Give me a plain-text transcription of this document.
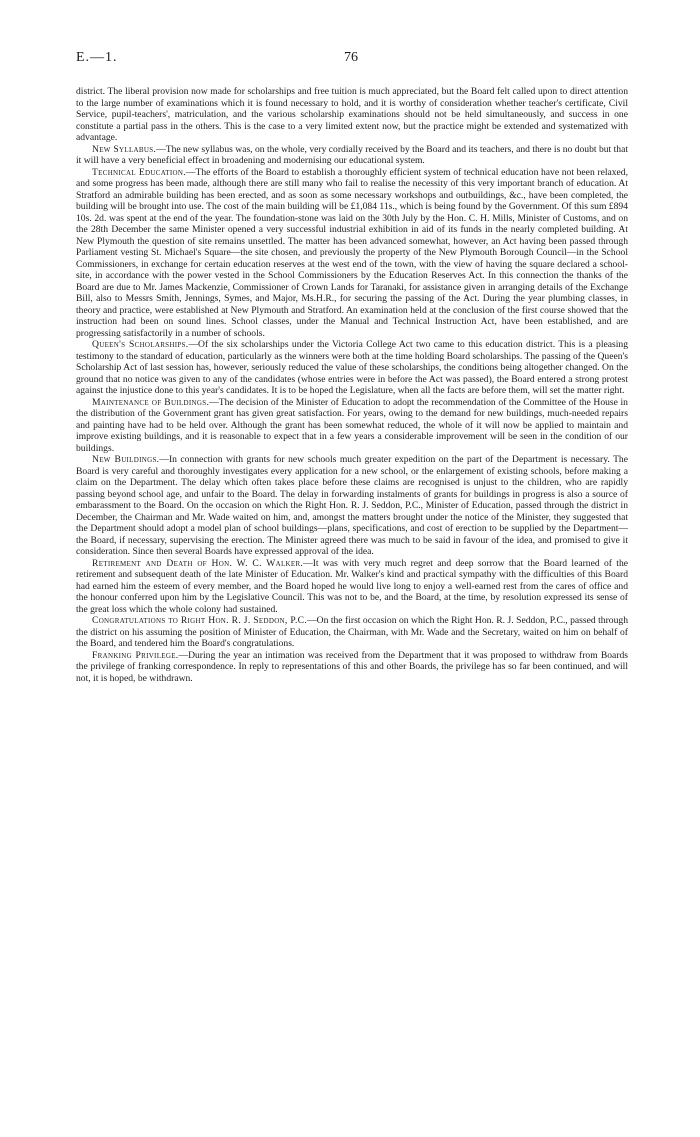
E.—1.	76

district. The liberal provision now made for scholarships and free tuition is much appreciated, but the Board felt called upon to direct attention to the large number of examinations which it is found necessary to hold, and it is worthy of consideration whether teacher's certificate, Civil Service, pupil-teachers', matriculation, and the various scholarship examinations should not be held simultaneously, and success in one constitute a partial pass in the others. This is the case to a very limited extent now, but the practice might be extended and systematized with advantage.

New Syllabus.—The new syllabus was, on the whole, very cordially received by the Board and its teachers, and there is no doubt but that it will have a very beneficial effect in broadening and modernising our educational system.

Technical Education.—The efforts of the Board to establish a thoroughly efficient system of technical education have not been relaxed, and some progress has been made, although there are still many who fail to realise the necessity of this very important branch of education. At Stratford an admirable building has been erected, and as soon as some necessary workshops and outbuildings, &c., have been completed, the building will be brought into use. The cost of the main building will be £1,084 11s., which is being found by the Government. Of this sum £894 10s. 2d. was spent at the end of the year. The foundation-stone was laid on the 30th July by the Hon. C. H. Mills, Minister of Customs, and on the 28th December the same Minister opened a very successful industrial exhibition in aid of its funds in the nearly completed building. At New Plymouth the question of site remains unsettled. The matter has been advanced somewhat, however, an Act having been passed through Parliament vesting St. Michael's Square—the site chosen, and previously the property of the New Plymouth Borough Council—in the School Commissioners, in exchange for certain education reserves at the west end of the town, with the view of having the square declared a school-site, in accordance with the power vested in the School Commissioners by the Education Reserves Act. In this connection the thanks of the Board are due to Mr. James Mackenzie, Commissioner of Crown Lands for Taranaki, for assistance given in arranging details of the Exchange Bill, also to Messrs Smith, Jennings, Symes, and Major, Ms.H.R., for securing the passing of the Act. During the year plumbing classes, in theory and practice, were established at New Plymouth and Stratford. An examination held at the conclusion of the first course showed that the instruction had been on sound lines. School classes, under the Manual and Technical Instruction Act, have been established, and are progressing satisfactorily in a number of schools.

Queen's Scholarships.—Of the six scholarships under the Victoria College Act two came to this education district. This is a pleasing testimony to the standard of education, particularly as the winners were both at the time holding Board scholarships. The passing of the Queen's Scholarship Act of last session has, however, seriously reduced the value of these scholarships, the conditions being altogether changed. On the ground that no notice was given to any of the candidates (whose entries were in before the Act was passed), the Board entered a strong protest against the injustice done to this year's candidates. It is to be hoped the Legislature, when all the facts are before them, will set the matter right.

Maintenance of Buildings.—The decision of the Minister of Education to adopt the recommendation of the Committee of the House in the distribution of the Government grant has given great satisfaction. For years, owing to the demand for new buildings, much-needed repairs and painting have had to be held over. Although the grant has been somewhat reduced, the whole of it will now be applied to maintain and improve existing buildings, and it is reasonable to expect that in a few years a considerable improvement will be seen in the condition of our buildings.

New Buildings.—In connection with grants for new schools much greater expedition on the part of the Department is necessary. The Board is very careful and thoroughly investigates every application for a new school, or the enlargement of existing schools, before making a claim on the Department. The delay which often takes place before these claims are recognised is unjust to the children, who are rapidly passing beyond school age, and unfair to the Board. The delay in forwarding instalments of grants for buildings in progress is also a source of embarassment to the Board. On the occasion on which the Right Hon. R. J. Seddon, P.C., Minister of Education, passed through the district in December, the Chairman and Mr. Wade waited on him, and, amongst the matters brought under the notice of the Minister, they suggested that the Department should adopt a model plan of school buildings—plans, specifications, and cost of erection to be supplied by the Department—the Board, if necessary, supervising the erection. The Minister agreed there was much to be said in favour of the idea, and promised to give it consideration. Since then several Boards have expressed approval of the idea.

Retirement and Death of Hon. W. C. Walker.—It was with very much regret and deep sorrow that the Board learned of the retirement and subsequent death of the late Minister of Education. Mr. Walker's kind and practical sympathy with the difficulties of this Board had earned him the esteem of every member, and the Board hoped he would live long to enjoy a well-earned rest from the cares of office and the honour conferred upon him by the Legislative Council. This was not to be, and the Board, at the time, by resolution expressed its sense of the great loss which the whole colony had sustained.

Congratulations to Right Hon. R. J. Seddon, P.C.—On the first occasion on which the Right Hon. R. J. Seddon, P.C., passed through the district on his assuming the position of Minister of Education, the Chairman, with Mr. Wade and the Secretary, waited on him on behalf of the Board, and tendered him the Board's congratulations.

Franking Privilege.—During the year an intimation was received from the Department that it was proposed to withdraw from Boards the privilege of franking correspondence. In reply to representations of this and other Boards, the privilege has so far been continued, and will not, it is hoped, be withdrawn.
